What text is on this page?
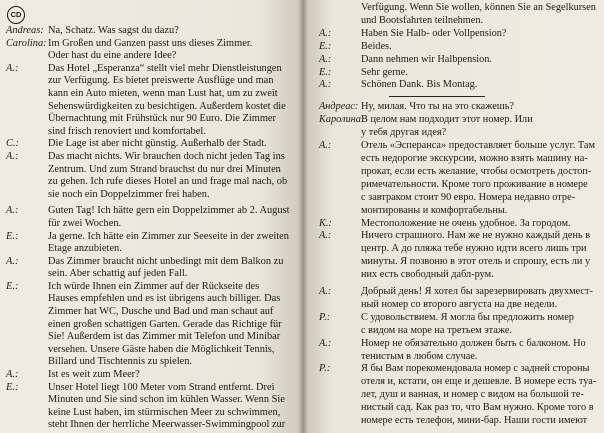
CD
Andreas: Na, Schatz. Was sagst du dazu?
Carolina: Im Großen und Ganzen passt uns dieses Zimmer.
Oder hast du eine andere Idee?
A.:	Das Hotel „Esperanza“ stellt viel mehr Dienstleistungen
zur Verfügung. Es bietet preiswerte Ausflüge und man
kann ein Auto mieten, wenn man Lust hat, um zu zweit
Sehenswürdigkeiten zu besichtigen. Außerdem kostet die
Übernachtung mit Frühstück nur 90 Euro. Die Zimmer
sind frisch renoviert und komfortabel.
C.:	Die Lage ist aber nicht günstig. Außerhalb der Stadt.
A.:	Das macht nichts. Wir brauchen doch nicht jeden Tag ins
Zentrum. Und zum Strand brauchst du nur drei Minuten
zu gehen. Ich rufe dieses Hotel an und frage mal nach, ob
sie noch ein Doppelzimmer frei haben.
A.:	Guten Tag! Ich hätte gern ein Doppelzimmer ab 2. August
für zwei Wochen.
E.:	Ja gerne. Ich hätte ein Zimmer zur Seeseite in der zweiten
Etage anzubieten.
A.:	Das Zimmer braucht nicht unbedingt mit dem Balkon zu
sein. Aber schattig auf jeden Fall.
E.:	Ich würde Ihnen ein Zimmer auf der Rückseite des
Hauses empfehlen und es ist übrigens auch billiger. Das
Zimmer hat WC, Dusche und Bad und man schaut auf
einen großen schattigen Garten. Gerade das Richtige für
Sie! Außerdem ist das Zimmer mit Telefon und Minibar
versehen. Unsere Gäste haben die Möglichkeit Tennis,
Billard und Tischtennis zu spielen.
A.:	Ist es weit zum Meer?
E.:	Unser Hotel liegt 100 Meter vom Strand entfernt. Drei
Minuten und Sie sind schon im kühlen Wasser. Wenn Sie
keine Lust haben, im stürmischen Meer zu schwimmen,
steht Ihnen der herrliche Meerwasser-Swimmingpool zur
Verfügung. Wenn Sie wollen, können Sie an Segelkursen
und Bootsfahrten teilnehmen.
A.:	Haben Sie Halb- oder Vollpension?
E.:	Beides.
A.:	Dann nehmen wir Halbpension.
E.:	Sehr gerne.
A.:	Schönen Dank. Bis Montag.
Андреас: Ну, милая. Что ты на это скажешь?
Каролина:
В целом нам подходит этот номер. Или
у тебя другая идея?
А.:	Отель «Эсперанса» предоставляет больше услуг. Там
есть недорогие экскурсии, можно взять машину на-
прокат, если есть желание, чтобы осмотреть достоп-
римечательности. Кроме того проживание в номере
с завтраком стоит 90 евро. Номера недавно отре-
монтированы и комфортабельны.
К.:	Местоположение не очень удобное. За городом.
А.:	Ничего страшного. Нам же не нужно каждый день в
центр. А до пляжа тебе нужно идти всего лишь три
минуты. Я позвоню в этот отель и спрошу, есть ли у
них есть свободный дабл-рум.
А.:	Добрый день! Я хотел бы зарезервировать двухмест-
ный номер со второго августа на две недели.
Р.:	С удовольствием. Я могла бы предложить номер
с видом на море на третьем этаже.
А.:	Номер не обязательно должен быть с балконом. Но
тенистым в любом случае.
Р.:	Я бы Вам порекомендовала номер с задней стороны
отеля и, кстати, он еще и дешевле. В номере есть туа-
лет, душ и ванная, и номер с видом на большой те-
нистый сад. Как раз то, что Вам нужно. Кроме того в
номере есть телефон, мини-бар. Наши гости имеют
